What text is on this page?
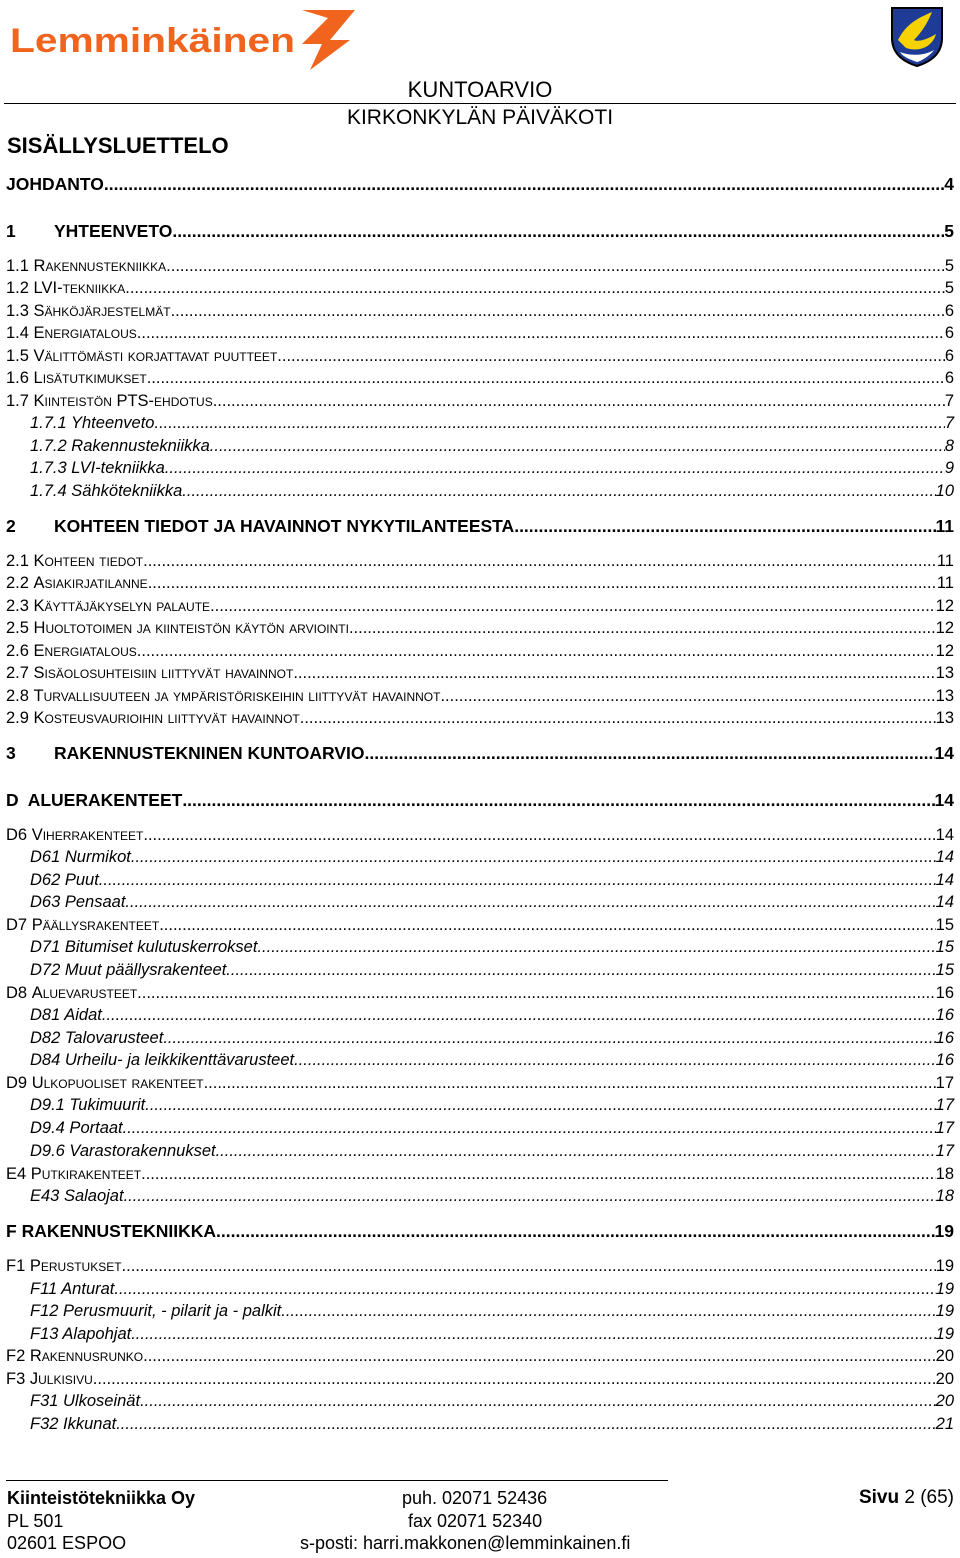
Lemminkäinen
KUNTOARVIO
KIRKONKYLÄN PÄIVÄKOTI
SISÄLLYSLUETTELO
JOHDANTO .....	4
1 YHTEENVETO .....	5
1.1 Rakennustekniikka .....	5
1.2 LVI-tekniikka .....	5
1.3 Sähköjärjestelmät .....	6
1.4 Energiatalous .....	6
1.5 Välittömästi korjattavat puutteet .....	6
1.6 Lisätutkimukset .....	6
1.7 Kiinteistön PTS-ehdotus .....	7
1.7.1 Yhteenveto .....	7
1.7.2 Rakennustekniikka .....	8
1.7.3 LVI-tekniikka .....	9
1.7.4 Sähkötekniikka .....	10
2 KOHTEEN TIEDOT JA HAVAINNOT NYKYTILANTEESTA .....	11
2.1 Kohteen tiedot .....	11
2.2 Asiakirjatilanne .....	11
2.3 Käyttäjäkyselyn palaute .....	12
2.5 Huoltotoimen ja kiinteistön käytön arviointi .....	12
2.6 Energiatalous .....	12
2.7 Sisäolosuhteisiin liittyvät havainnot .....	13
2.8 Turvallisuuteen ja ympäristöriskeihin liittyvät havainnot .....	13
2.9 Kosteusvaurioihin liittyvät havainnot .....	13
3 RAKENNUSTEKNINEN KUNTOARVIO .....	14
D ALUERAKENTEET .....	14
D6 Viherrakenteet .....	14
D61 Nurmikot .....	14
D62 Puut .....	14
D63 Pensaat .....	14
D7 Päällysrakenteet .....	15
D71 Bitumiset kulutuskerrokset .....	15
D72 Muut päällysrakenteet .....	15
D8 Aluevarusteet .....	16
D81 Aidat .....	16
D82 Talovarusteet .....	16
D84 Urheilu- ja leikkikenttävarusteet .....	16
D9 Ulkopuoliset rakenteet .....	17
D9.1 Tukimuurit .....	17
D9.4 Portaat .....	17
D9.6 Varastorakennukset .....	17
E4 Putkirakenteet .....	18
E43 Salaojat .....	18
F RAKENNUSTEKNIIKKA .....	19
F1 Perustukset .....	19
F11 Anturat .....	19
F12 Perusmuurit, - pilarit ja - palkit .....	19
F13 Alapohjat .....	19
F2 Rakennusrunko .....	20
F3 Julkisivu .....	20
F31 Ulkoseinät .....	20
F32 Ikkunat .....	21
Kiinteistötekniikka Oy
PL 501
02601 ESPOO
puh. 02071 52436
fax 02071 52340
s-posti: harri.makkonen@lemminkainen.fi
Sivu 2 (65)
